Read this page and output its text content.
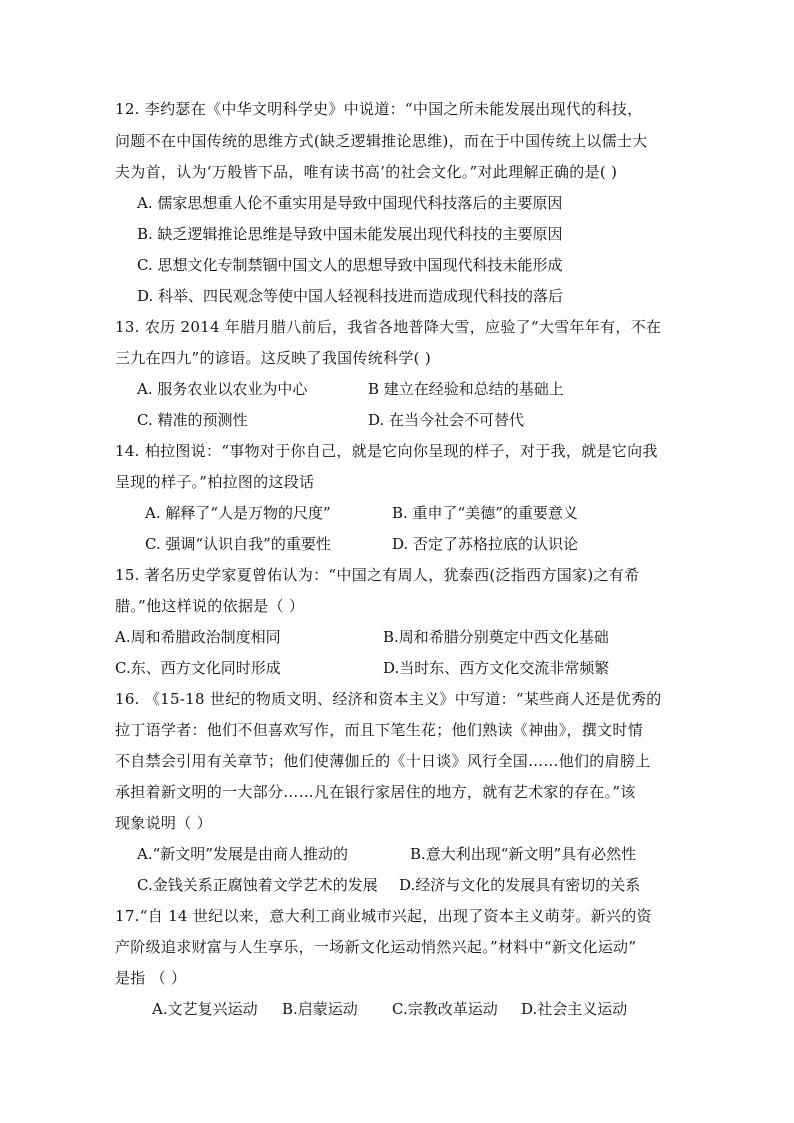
12. 李约瑟在《中华文明科学史》中说道：“中国之所未能发展出现代的科技，
问题不在中国传统的思维方式(缺乏逻辑推论思维)，而在于中国传统上以儒士大
夫为首，认为‘万般皆下品，唯有读书高’的社会文化。”对此理解正确的是( )
A. 儒家思想重人伦不重实用是导致中国现代科技落后的主要原因
B. 缺乏逻辑推论思维是导致中国未能发展出现代科技的主要原因
C. 思想文化专制禁锢中国文人的思想导致中国现代科技未能形成
D. 科举、四民观念等使中国人轻视科技进而造成现代科技的落后
13. 农历 2014 年腊月腊八前后，我省各地普降大雪，应验了“大雪年年有，不在
三九在四九”的谚语。这反映了我国传统科学( )
A. 服务农业以农业为中心	B 建立在经验和总结的基础上
C. 精准的预测性	D. 在当今社会不可替代
14. 柏拉图说：“事物对于你自己，就是它向你呈现的样子，对于我，就是它向我
呈现的样子。”柏拉图的这段话
A. 解释了“人是万物的尺度”	B. 重申了“美德”的重要意义
C. 强调“认识自我”的重要性	D. 否定了苏格拉底的认识论
15. 著名历史学家夏曾佑认为：“中国之有周人，犹泰西(泛指西方国家)之有希
腊。”他这样说的依据是（ ）
A.周和希腊政治制度相同	B.周和希腊分别奠定中西文化基础
C.东、西方文化同时形成	D.当时东、西方文化交流非常频繁
16. 《15-18 世纪的物质文明、经济和资本主义》中写道：“某些商人还是优秀的
拉丁语学者：他们不但喜欢写作，而且下笔生花；他们熟读《神曲》，撰文时情
不自禁会引用有关章节；他们使薄伽丘的《十日谈》风行全国……他们的肩膀上
承担着新文明的一大部分……凡在银行家居住的地方，就有艺术家的存在。”该
现象说明（ ）
A.“新文明”发展是由商人推动的	B.意大利出现“新文明”具有必然性
C.金钱关系正腐蚀着文学艺术的发展 D.经济与文化的发展具有密切的关系
17.“自 14 世纪以来，意大利工商业城市兴起，出现了资本主义萌芽。新兴的资
产阶级追求财富与人生享乐，一场新文化运动悄然兴起。”材料中“新文化运动”
是指 （ ）
A.文艺复兴运动 B.启蒙运动 C.宗教改革运动 D.社会主义运动
